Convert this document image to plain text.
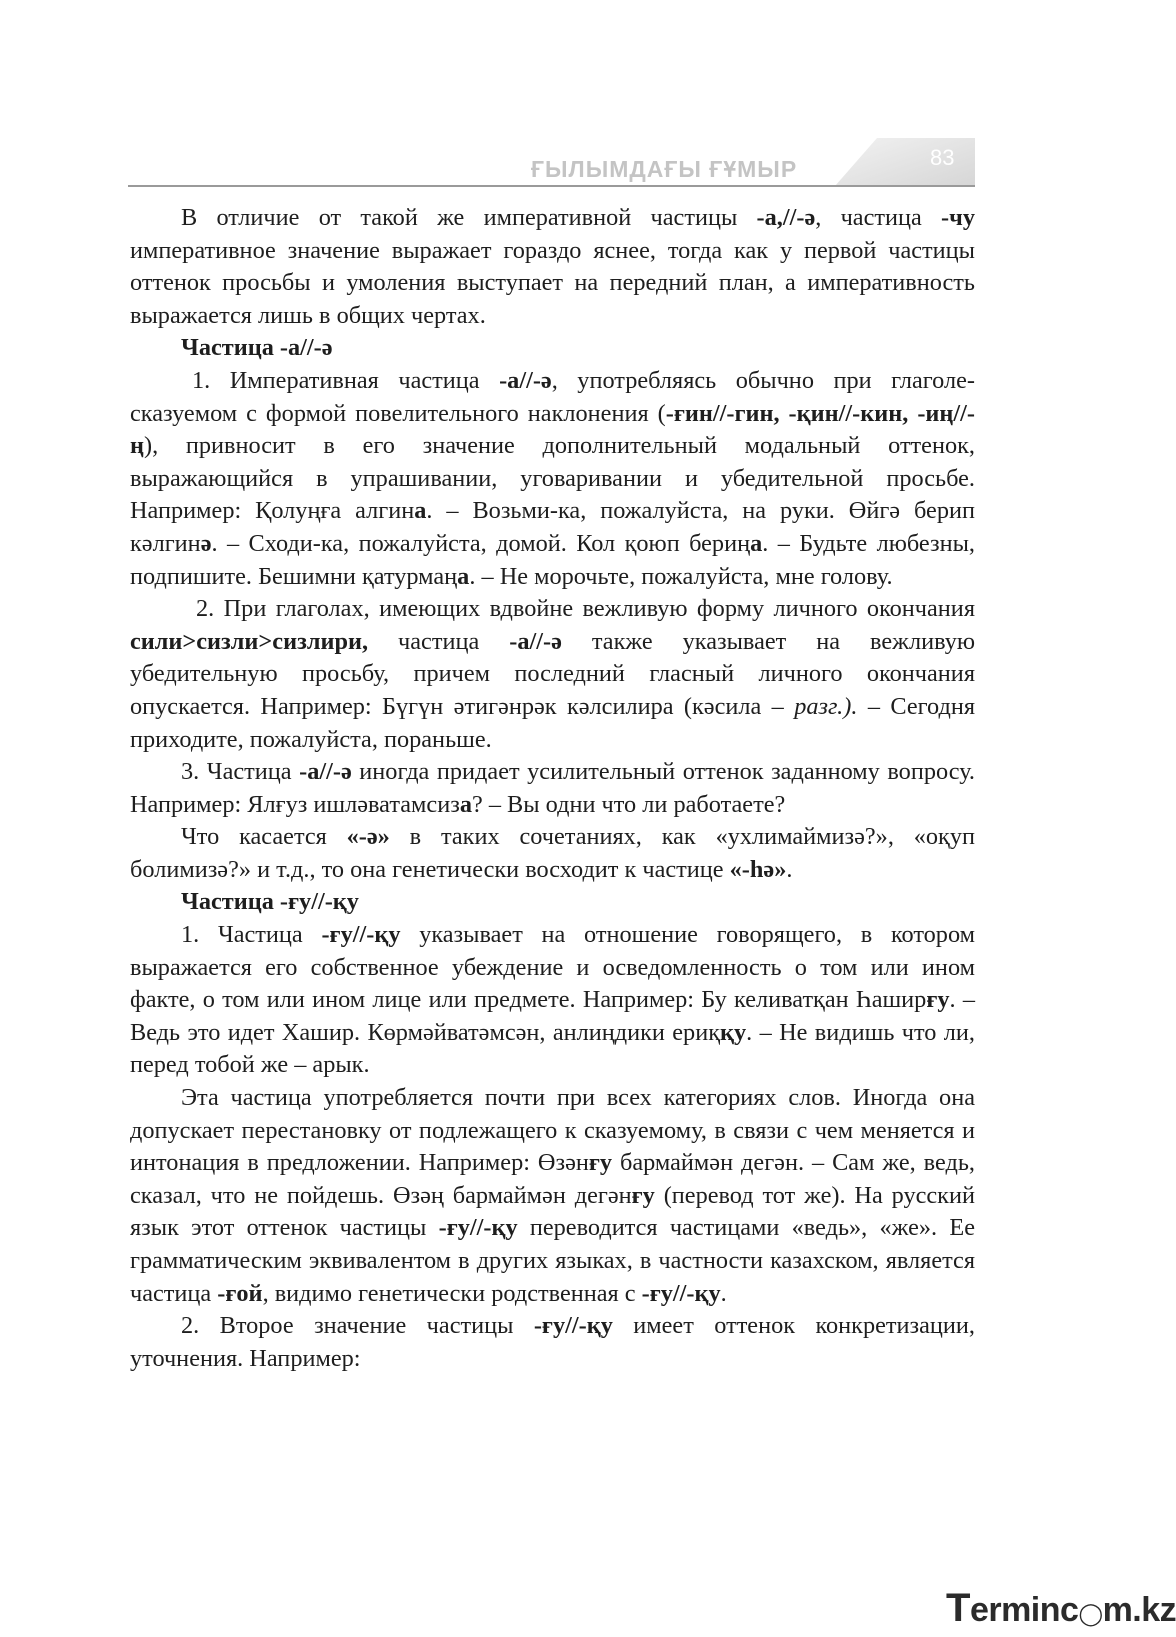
ҒЫЛЫМДАҒЫ ҒҰМЫР	83

В отличие от такой же императивной частицы -а,//-ә, частица -чу императивное значение выражает гораздо яснее, тогда как у первой частицы оттенок просьбы и умоления выступает на передний план, а императивность выражается лишь в общих чертах.

Частица -а//-ә

1. Императивная частица -а//-ә, употребляясь обычно при глаголе-сказуемом с формой повелительного наклонения (-ғин//-гин, -қин//-кин, -иң//-ң), привносит в его значение дополнительный модальный оттенок, выражающийся в упрашивании, уговаривании и убедительной просьбе. Например: Қолуңға алгина. – Возьми-ка, пожалуйста, на руки. Өйгә берип кәлгинә. – Сходи-ка, пожалуйста, домой. Кол қоюп бериңа. – Будьте любезны, подпишите. Бешимни қатурмаңа. – Не морочьте, пожалуйста, мне голову.

2. При глаголах, имеющих вдвойне вежливую форму личного окончания сили>сизли>сизлири, частица -а//-ә также указывает на вежливую убедительную просьбу, причем последний гласный личного окончания опускается. Например: Бүгүн әтигәнрәк кәлсилира (кәсила – разг.). – Сегодня приходите, пожалуйста, пораньше.

3. Частица -а//-ә иногда придает усилительный оттенок заданному вопросу. Например: Ялғуз ишләватамсиза? – Вы одни что ли работаете?

Что касается «-ә» в таких сочетаниях, как «ухлимаймизә?», «оқуп болимизә?» и т.д., то она генетически восходит к частице «-һә».

Частица -ғу//-қу

1. Частица -ғу//-қу указывает на отношение говорящего, в котором выражается его собственное убеждение и осведомленность о том или ином факте, о том или ином лице или предмете. Например: Бу келиватқан Һаширғу. – Ведь это идет Хашир. Көрмәйватәмсән, анлиңдики ериққу. – Не видишь что ли, перед тобой же – арык.

Эта частица употребляется почти при всех категориях слов. Иногда она допускает перестановку от подлежащего к сказуемому, в связи с чем меняется и интонация в предложении. Например: Өзәнғу бармаймән дегән. – Сам же, ведь, сказал, что не пойдешь. Өзәң бармаймән дегәнғу (перевод тот же). На русский язык этот оттенок частицы -ғу//-қу переводится частицами «ведь», «же». Ее грамматическим эквивалентом в других языках, в частности казахском, является частица -ғой, видимо генетически родственная с -ғу//-қу.

2. Второе значение частицы -ғу//-қу имеет оттенок конкретизации, уточнения. Например:

Terminc◯m.kz
